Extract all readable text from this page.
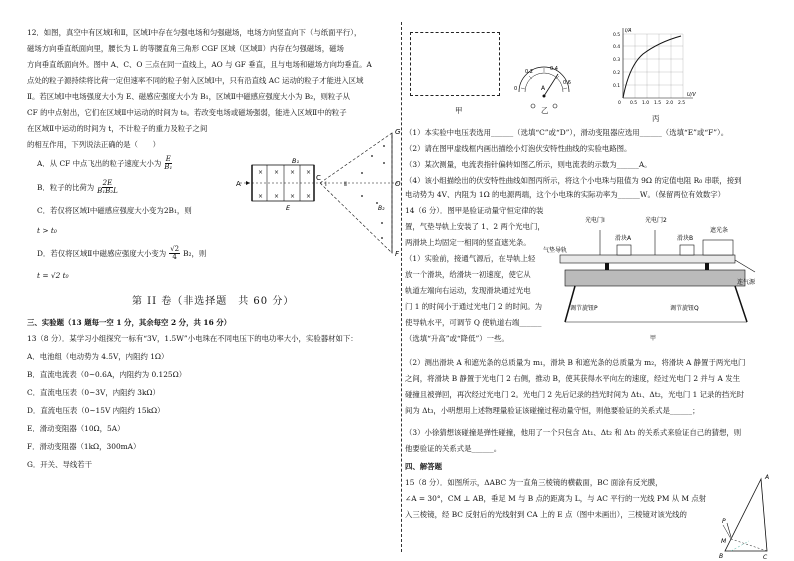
12．如图，真空中有区域Ⅰ和Ⅱ，区域Ⅰ中存在匀强电场和匀强磁场，电场方向竖直向下（与纸面平行），
磁场方向垂直纸面向里，腰长为 L 的等腰直角三角形 CGF 区域（区域Ⅱ）内存在匀强磁场，磁场
方向垂直纸面向外。图中 A、C、O 三点在同一直线上，AO 与 GF 垂直，且与电场和磁场方向均垂直。A
点处的粒子源持续将比荷一定但速率不同的粒子射入区域Ⅰ中，只有沿直线 AC 运动的粒子才能进入区域
Ⅱ。若区域Ⅰ中电场强度大小为 E、磁感应强度大小为 B₁，区域Ⅱ中磁感应强度大小为 B₂，则粒子从
CF 的中点射出，它们在区域Ⅱ中运动的时间为 t₀。若改变电场或磁场强弱，能进入区域Ⅱ中的粒子
在区域Ⅱ中运动的时间为 t，不计粒子的重力及粒子之间
的相互作用，下列说法正确的是（　　）
A．从 CF 中点飞出的粒子速度大小为 $\frac{E}{\text{B₁}}$
B．粒子的比荷为 $\frac{2E}{\text{B₁B₂L}}$
C．若仅将区域Ⅰ中磁感应强度大小变为2B₁，则
t > t₀
D．若仅将区域Ⅱ中磁感应强度大小变为 $\frac{√2}{4} B_2$，则
t = √2 t₀
× × × ×
× × × ×
A
B₁
E
C
Ⅰ	Ⅱ	O
G
F
B₂
第 II 卷（非选择题　共 60 分）
三、实验题（13 题每一空 1 分，其余每空 2 分，共 16 分）
13（8 分）．某学习小组探究一标有“3V，1.5W”小电珠在不同电压下的电功率大小，实验器材如下：
A．电池组（电动势为 4.5V，内阻约 1Ω）
B．直流电流表（0~0.6A，内阻约为 0.125Ω）
C．直流电压表（0~3V，内阻约 3kΩ）
D．直流电压表（0~15V 内阻约 15kΩ）
E．滑动变阻器（10Ω，5A）
F．滑动变阻器（1kΩ，300mA）
G．开关、导线若干
甲
0
0.2	0.4
0.6
A
乙
I/A
U/V
0.5
0.4
0.3
0.2
0.1
0 0.5 1.0 1.5 2.0 2.5
丙
（1）本实验中电压表选用______（选填“C”或“D”），滑动变阻器应选用______（选填“E”或“F”）。
（2）请在图甲虚线框内画出描绘小灯泡伏安特性曲线的实验电路图。
（3）某次测量，电流表指针偏转如图乙所示，则电流表的示数为______A。
（4）该小组描绘出的伏安特性曲线如图丙所示，将这个小电珠与阻值为 9Ω 的定值电阻 R₀ 串联，接到
电动势为 4V、内阻为 1Ω 的电源两端，这个小电珠的实际功率为______W。（保留两位有效数字）
14（6 分）．图甲是验证动量守恒定律的装
置，气垫导轨上安装了 1、2 两个光电门，
两滑块上均固定一相同的竖直遮光条。
（1）实验前，接通气源后，在导轨上轻
放一个滑块，给滑块一初速度，使它从
轨道左端向右运动，发现滑块通过光电
门 1 的时间小于通过光电门 2 的时间。为
使导轨水平，可调节 Q 使轨道右端______
（选填“升高”或“降低”）一些。
光电门Ⅰ	光电门2
滑块A	滑块B
遮光条
气垫导轨
连气源
调节旋钮P	调节旋钮Q
甲
（2）测出滑块 A 和遮光条的总质量为 m₁，滑块 B 和遮光条的总质量为 m₂，将滑块 A 静置于两光电门
之间，将滑块 B 静置于光电门 2 右侧，推动 B，使其获得水平向左的速度，经过光电门 2 并与 A 发生
碰撞且被弹回，再次经过光电门 2。光电门 2 先后记录的挡光时间为 Δt₁、Δt₂，光电门 1 记录的挡光时
间为 Δt₃，小明想用上述物理量验证该碰撞过程动量守恒，则他要验证的关系式是______；
（3）小徐猜想该碰撞是弹性碰撞，他用了一个只包含 Δt₁、Δt₂ 和 Δt₃ 的关系式来验证自己的猜想，则
他要验证的关系式是______。
四、解答题
15（8 分）．如图所示，ΔABC 为一直角三棱镜的横截面，BC 面涂有反光膜，
∠A = 30°，CM ⊥ AB，垂足 M 与 B 点的距离为 L，与 AC 平行的一光线 PM 从 M 点射
入三棱镜，经 BC 反射后的光线射到 CA 上的 E 点（图中未画出），三棱镜对该光线的
A
B	C
M
P
